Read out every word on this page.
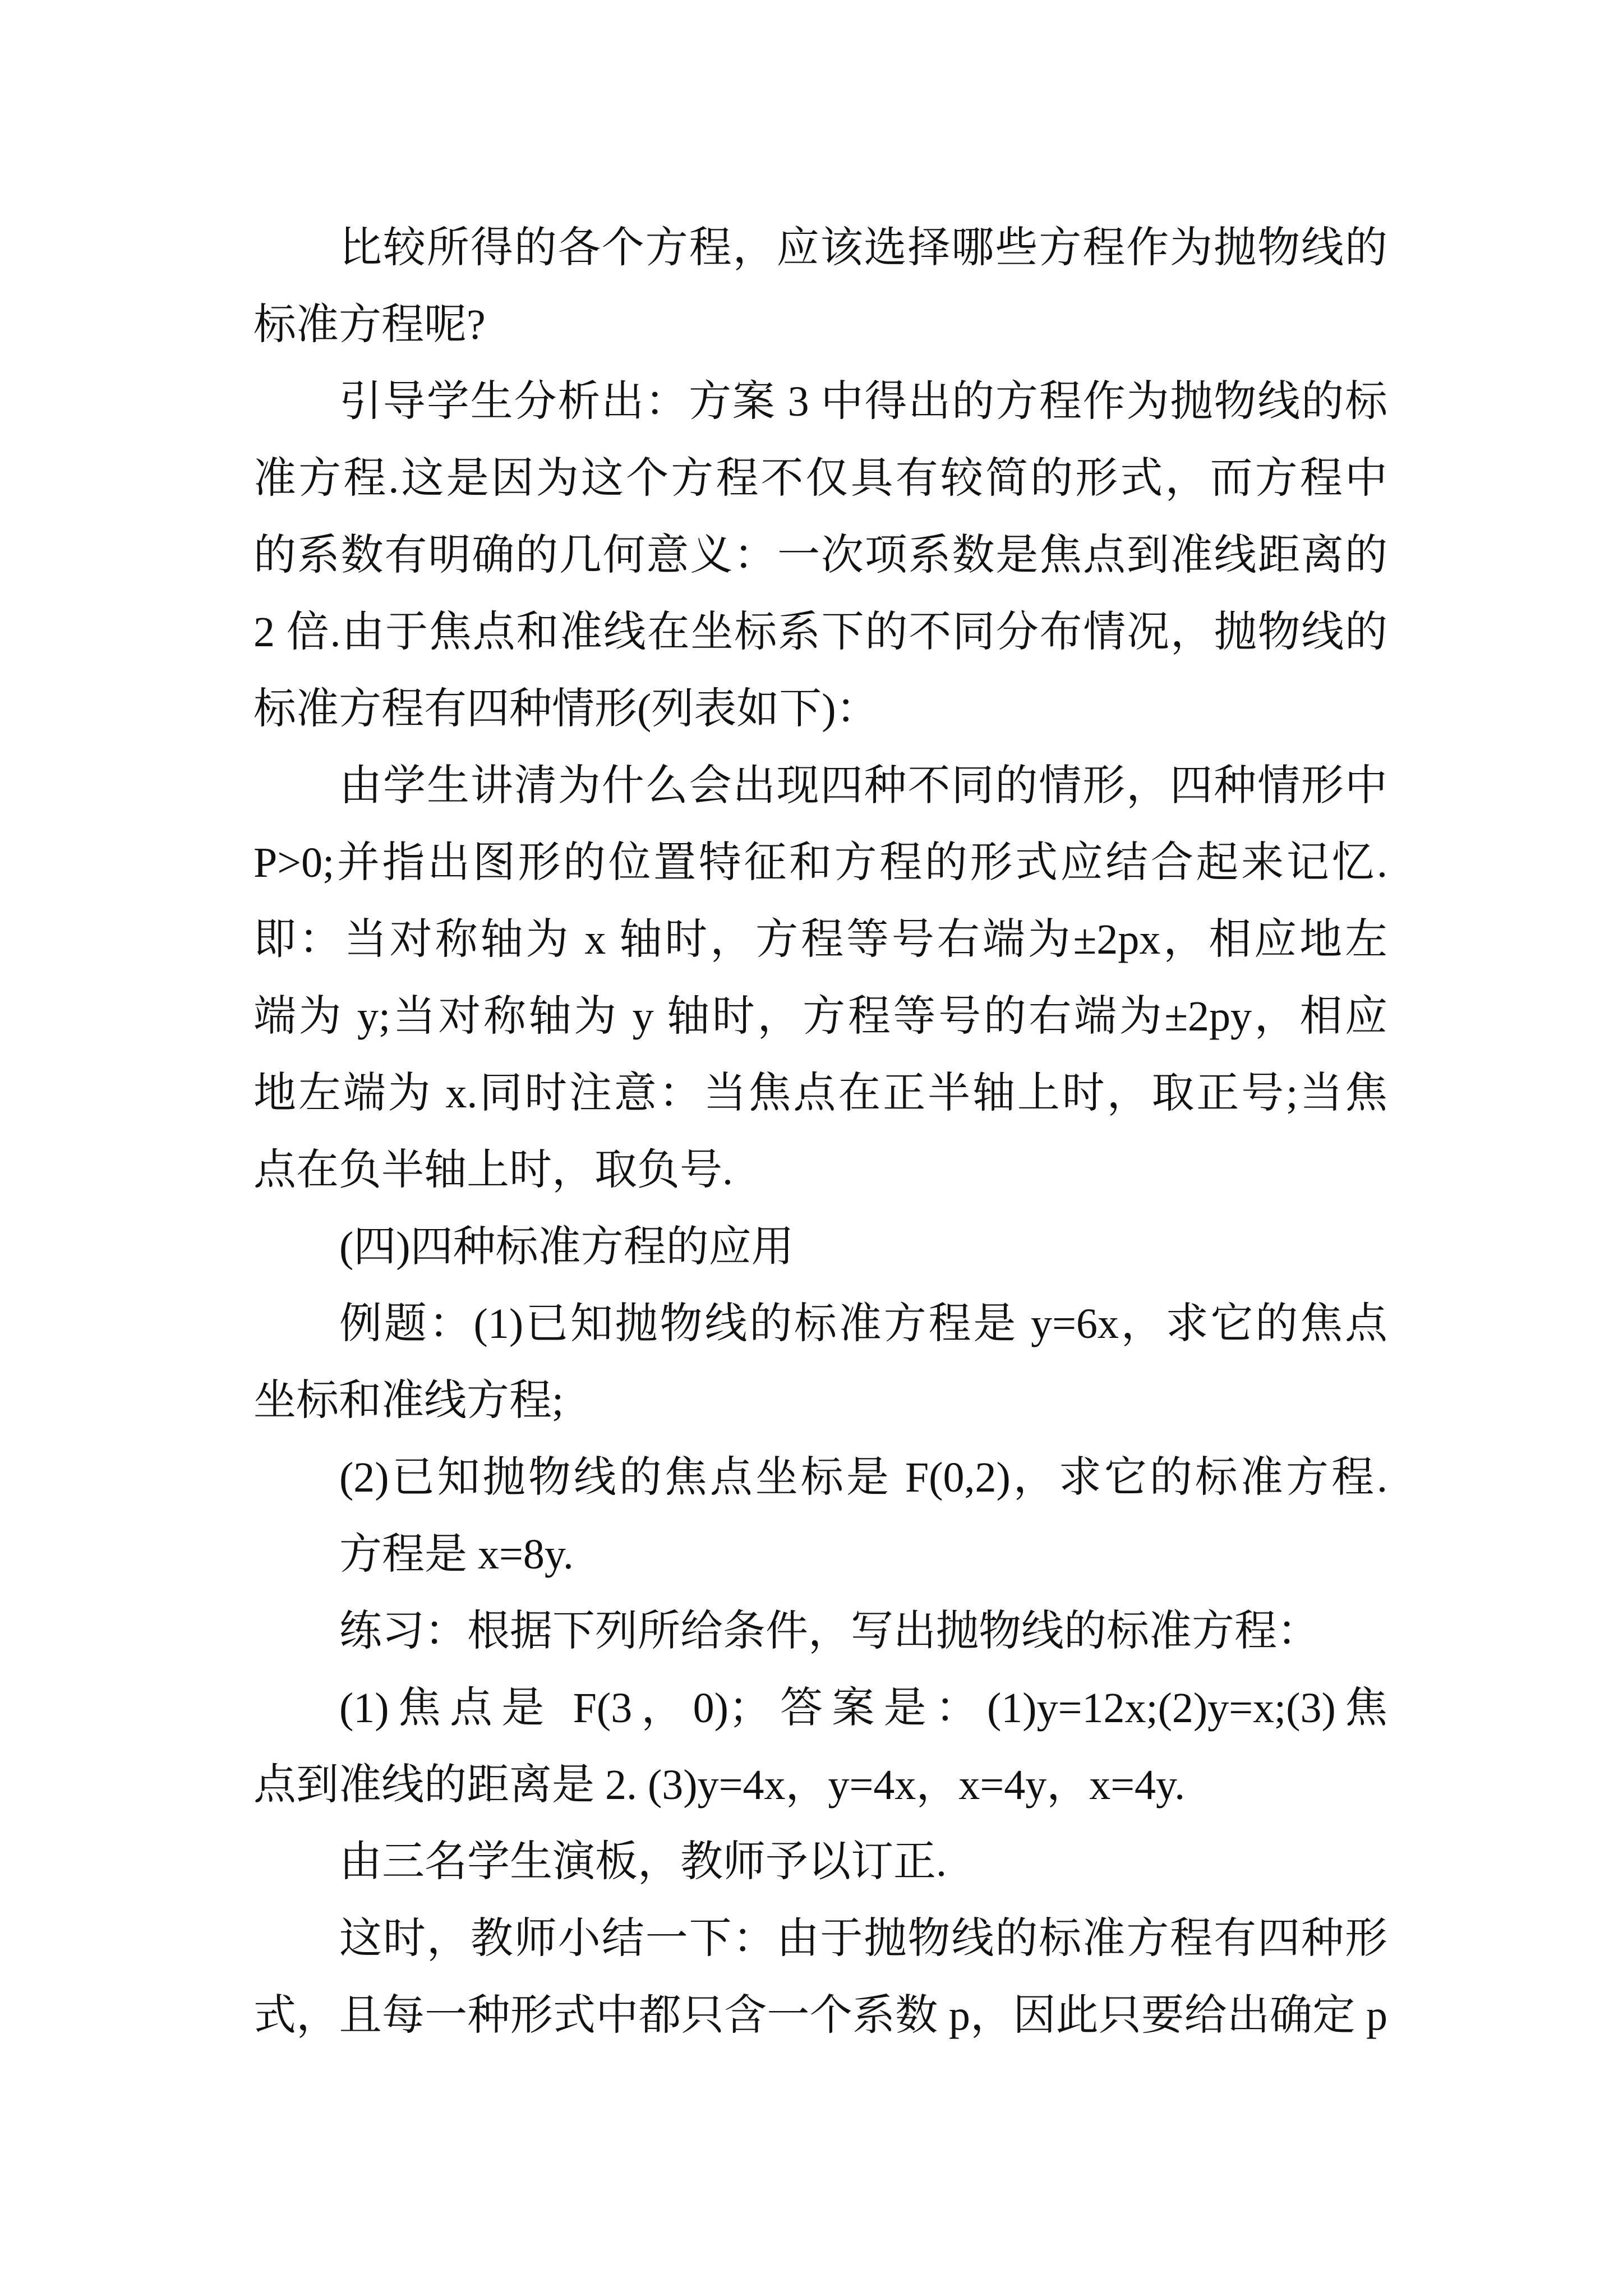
比较所得的各个方程，应该选择哪些方程作为抛物线的
标准方程呢?
引导学生分析出：方案 3 中得出的方程作为抛物线的标
准方程.这是因为这个方程不仅具有较简的形式，而方程中
的系数有明确的几何意义：一次项系数是焦点到准线距离的
2 倍.由于焦点和准线在坐标系下的不同分布情况，抛物线的
标准方程有四种情形(列表如下)：
由学生讲清为什么会出现四种不同的情形，四种情形中
P>0;并指出图形的位置特征和方程的形式应结合起来记忆.
即：当对称轴为 x 轴时，方程等号右端为±2px，相应地左
端为 y;当对称轴为 y 轴时，方程等号的右端为±2py，相应
地左端为 x.同时注意：当焦点在正半轴上时，取正号;当焦
点在负半轴上时，取负号.
(四)四种标准方程的应用
例题：(1)已知抛物线的标准方程是 y=6x，求它的焦点
坐标和准线方程;
(2)已知抛物线的焦点坐标是 F(0,2)，求它的标准方程.
方程是 x=8y.
练习：根据下列所给条件，写出抛物线的标准方程：
(1)焦点是 F(3，0)；答案是：(1)y=12x;(2)y=x;(3)焦
点到准线的距离是 2. (3)y=4x，y=4x，x=4y，x=4y.
由三名学生演板，教师予以订正.
这时，教师小结一下：由于抛物线的标准方程有四种形
式，且每一种形式中都只含一个系数 p，因此只要给出确定 p
